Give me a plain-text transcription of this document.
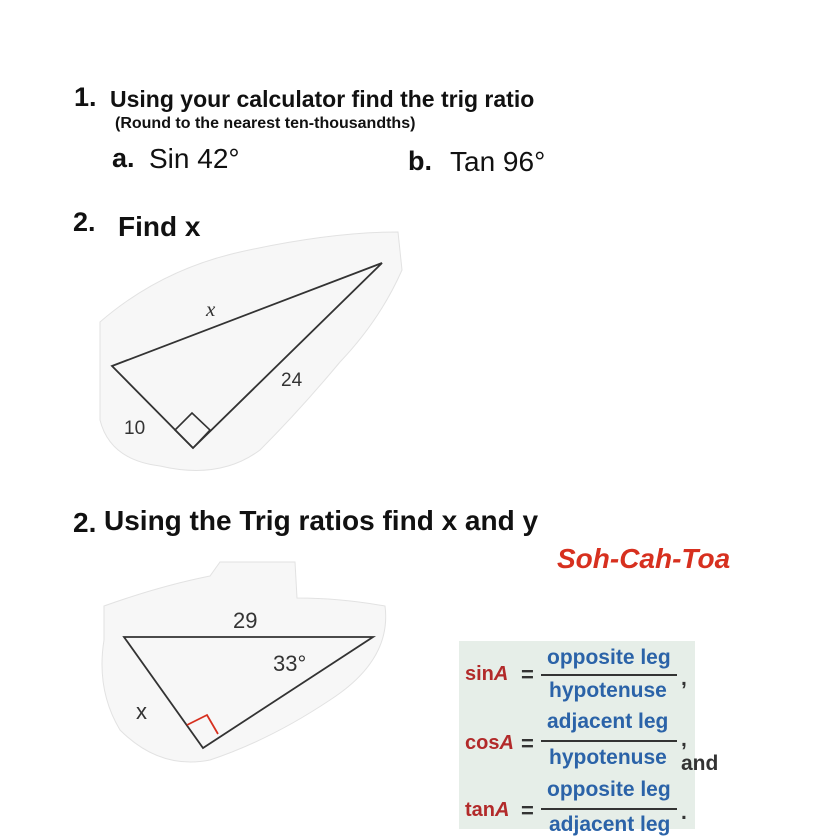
1. Using your calculator find the trig ratio
(Round to the nearest ten-thousandths)
a. Sin 42°	b. Tan 96°
2. Find x
x
24
10
29
33°
x
2. Using the Trig ratios find x and y
Soh-Cah-Toa
sinA =
opposite leg
hypotenuse
,
cosA =
adjacent leg
hypotenuse
, and
tanA =
opposite leg
adjacent leg
.
